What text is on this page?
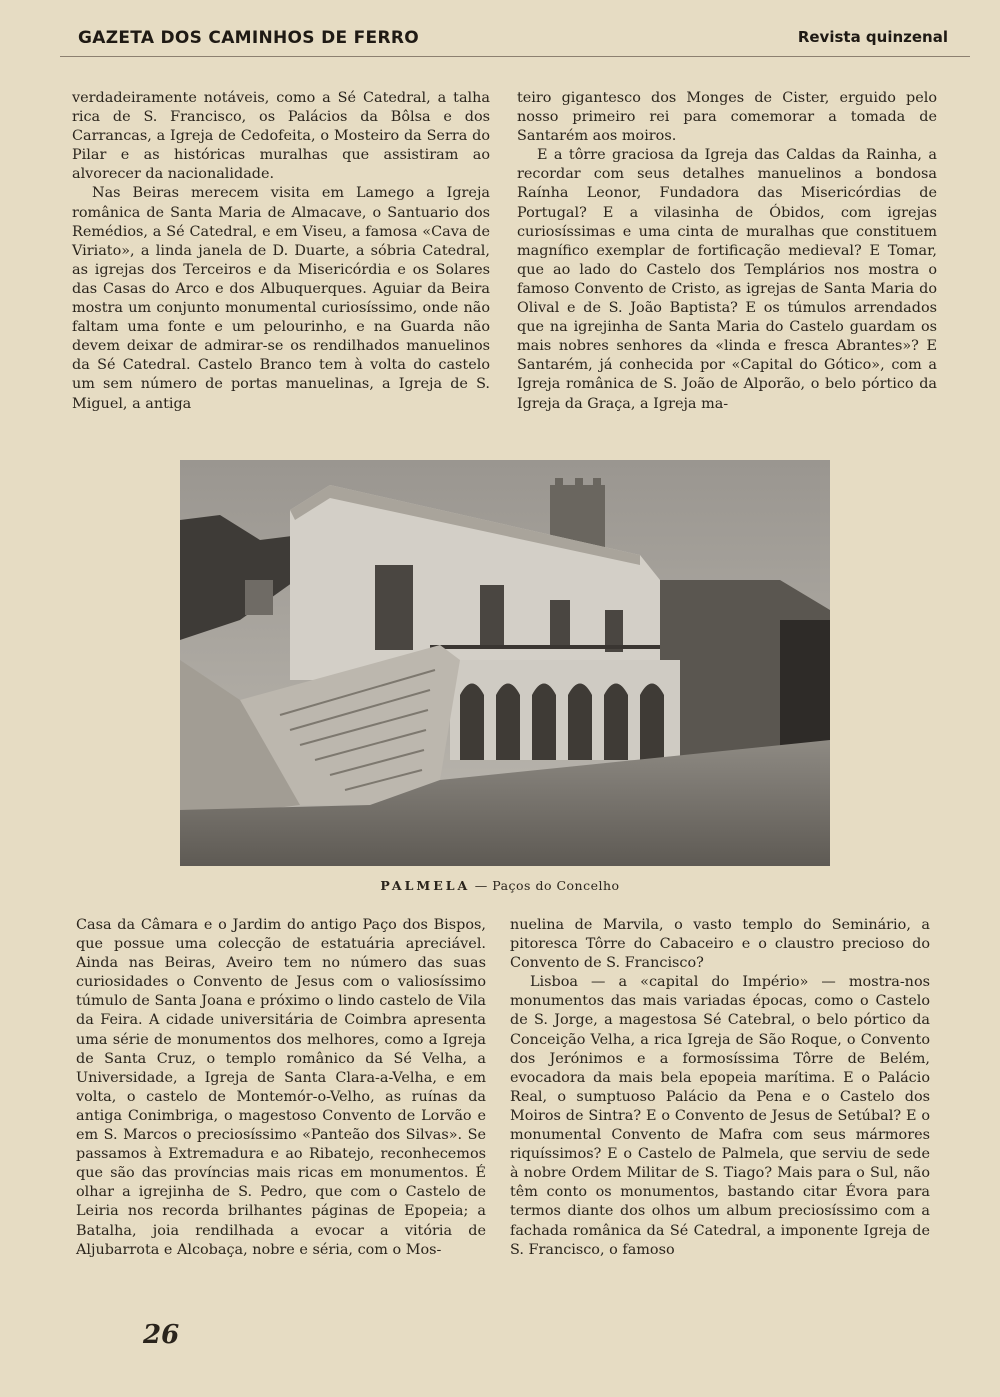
GAZETA DOS CAMINHOS DE FERRO	Revista quinzenal

verdadeiramente notáveis, como a Sé Catedral, a talha rica de S. Francisco, os Palácios da Bôlsa e dos Carrancas, a Igreja de Cedofeita, o Mosteiro da Serra do Pilar e as históricas muralhas que assistiram ao alvorecer da nacionalidade.

Nas Beiras merecem visita em Lamego a Igreja românica de Santa Maria de Almacave, o Santuario dos Remédios, a Sé Catedral, e em Viseu, a famosa «Cava de Viriato», a linda janela de D. Duarte, a sóbria Catedral, as igrejas dos Terceiros e da Misericórdia e os Solares das Casas do Arco e dos Albuquerques. Aguiar da Beira mostra um conjunto monumental curiosíssimo, onde não faltam uma fonte e um pelourinho, e na Guarda não devem deixar de admirar-se os rendilhados manuelinos da Sé Catedral. Castelo Branco tem à volta do castelo um sem número de portas manuelinas, a Igreja de S. Miguel, a antiga

teiro gigantesco dos Monges de Cister, erguido pelo nosso primeiro rei para comemorar a tomada de Santarém aos moiros.

E a tôrre graciosa da Igreja das Caldas da Rainha, a recordar com seus detalhes manuelinos a bondosa Raínha Leonor, Fundadora das Misericórdias de Portugal? E a vilasinha de Óbidos, com igrejas curiosíssimas e uma cinta de muralhas que constituem magnífico exemplar de fortificação medieval? E Tomar, que ao lado do Castelo dos Templários nos mostra o famoso Convento de Cristo, as igrejas de Santa Maria do Olival e de S. João Baptista? E os túmulos arrendados que na igrejinha de Santa Maria do Castelo guardam os mais nobres senhores da «linda e fresca Abrantes»? E Santarém, já conhecida por «Capital do Gótico», com a Igreja românica de S. João de Alporão, o belo pórtico da Igreja da Graça, a Igreja ma-

PALMELA — Paços do Concelho

Casa da Câmara e o Jardim do antigo Paço dos Bispos, que possue uma colecção de estatuária apreciável. Ainda nas Beiras, Aveiro tem no número das suas curiosidades o Convento de Jesus com o valiosíssimo túmulo de Santa Joana e próximo o lindo castelo de Vila da Feira. A cidade universitária de Coimbra apresenta uma série de monumentos dos melhores, como a Igreja de Santa Cruz, o templo românico da Sé Velha, a Universidade, a Igreja de Santa Clara-a-Velha, e em volta, o castelo de Montemór-o-Velho, as ruínas da antiga Conimbriga, o magestoso Convento de Lorvão e em S. Marcos o preciosíssimo «Panteão dos Silvas». Se passamos à Extremadura e ao Ribatejo, reconhecemos que são das províncias mais ricas em monumentos. É olhar a igrejinha de S. Pedro, que com o Castelo de Leiria nos recorda brilhantes páginas de Epopeia; a Batalha, joia rendilhada a evocar a vitória de Aljubarrota e Alcobaça, nobre e séria, com o Mos-

nuelina de Marvila, o vasto templo do Seminário, a pitoresca Tôrre do Cabaceiro e o claustro precioso do Convento de S. Francisco?

Lisboa — a «capital do Império» — mostra-nos monumentos das mais variadas épocas, como o Castelo de S. Jorge, a magestosa Sé Catebral, o belo pórtico da Conceição Velha, a rica Igreja de São Roque, o Convento dos Jerónimos e a formosíssima Tôrre de Belém, evocadora da mais bela epopeia marítima. E o Palácio Real, o sumptuoso Palácio da Pena e o Castelo dos Moiros de Sintra? E o Convento de Jesus de Setúbal? E o monumental Convento de Mafra com seus mármores riquíssimos? E o Castelo de Palmela, que serviu de sede à nobre Ordem Militar de S. Tiago? Mais para o Sul, não têm conto os monumentos, bastando citar Évora para termos diante dos olhos um album preciosíssimo com a fachada românica da Sé Catedral, a imponente Igreja de S. Francisco, o famoso

26
